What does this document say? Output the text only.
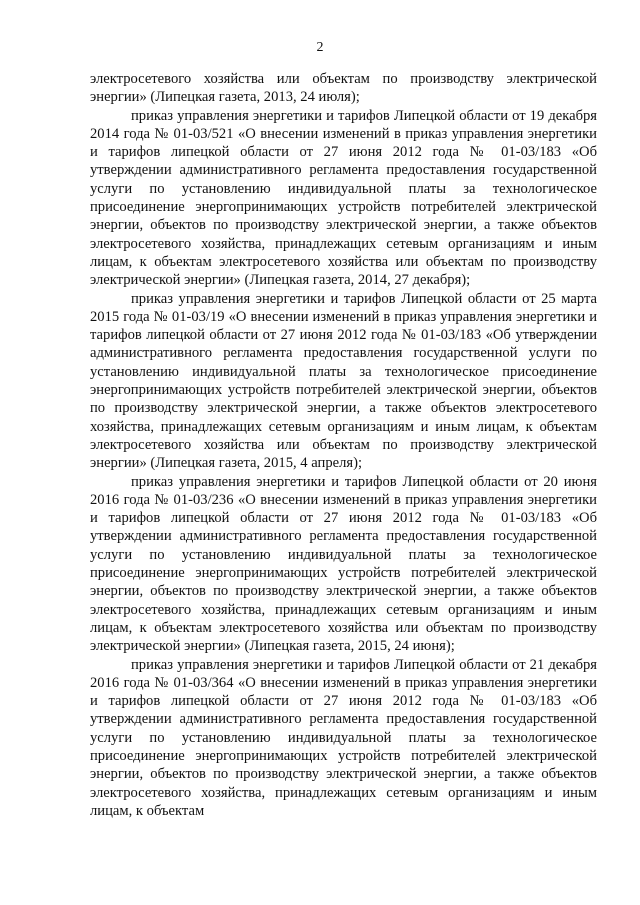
2

электросетевого хозяйства или объектам по производству электрической энергии» (Липецкая газета, 2013, 24 июля);

приказ управления энергетики и тарифов Липецкой области от 19 декабря 2014 года № 01-03/521 «О внесении изменений в приказ управления энергетики и тарифов липецкой области от 27 июня 2012 года № 01-03/183 «Об утверждении административного регламента предоставления государственной услуги по установлению индивидуальной платы за технологическое присоединение энергопринимающих устройств потребителей электрической энергии, объектов по производству электрической энергии, а также объектов электросетевого хозяйства, принадлежащих сетевым организациям и иным лицам, к объектам электросетевого хозяйства или объектам по производству электрической энергии» (Липецкая газета, 2014, 27 декабря);

приказ управления энергетики и тарифов Липецкой области от 25 марта 2015 года № 01-03/19 «О внесении изменений в приказ управления энергетики и тарифов липецкой области от 27 июня 2012 года № 01-03/183 «Об утверждении административного регламента предоставления государственной услуги по установлению индивидуальной платы за технологическое присоединение энергопринимающих устройств потребителей электрической энергии, объектов по производству электрической энергии, а также объектов электросетевого хозяйства, принадлежащих сетевым организациям и иным лицам, к объектам электросетевого хозяйства или объектам по производству электрической энергии» (Липецкая газета, 2015, 4 апреля);

приказ управления энергетики и тарифов Липецкой области от 20 июня 2016 года № 01-03/236 «О внесении изменений в приказ управления энергетики и тарифов липецкой области от 27 июня 2012 года № 01-03/183 «Об утверждении административного регламента предоставления государственной услуги по установлению индивидуальной платы за технологическое присоединение энергопринимающих устройств потребителей электрической энергии, объектов по производству электрической энергии, а также объектов электросетевого хозяйства, принадлежащих сетевым организациям и иным лицам, к объектам электросетевого хозяйства или объектам по производству электрической энергии» (Липецкая газета, 2015, 24 июня);

приказ управления энергетики и тарифов Липецкой области от 21 декабря 2016 года № 01-03/364 «О внесении изменений в приказ управления энергетики и тарифов липецкой области от 27 июня 2012 года № 01-03/183 «Об утверждении административного регламента предоставления государственной услуги по установлению индивидуальной платы за технологическое присоединение энергопринимающих устройств потребителей электрической энергии, объектов по производству электрической энергии, а также объектов электросетевого хозяйства, принадлежащих сетевым организациям и иным лицам, к объектам
